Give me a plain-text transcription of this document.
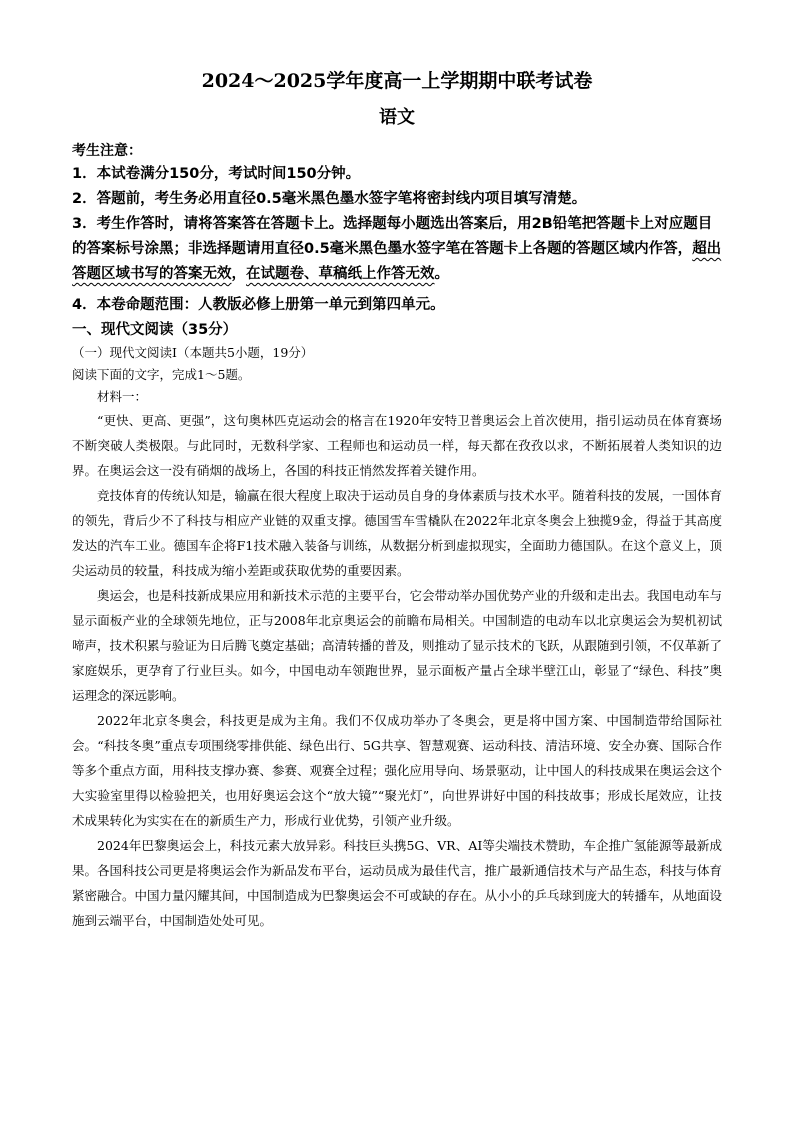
2024～2025学年度高一上学期期中联考试卷
语文

考生注意：

1．本试卷满分150分，考试时间150分钟。

2．答题前，考生务必用直径0.5毫米黑色墨水签字笔将密封线内项目填写清楚。

3．考生作答时，请将答案答在答题卡上。选择题每小题选出答案后，用2B铅笔把答题卡上对应题目的答案标号涂黑；非选择题请用直径0.5毫米黑色墨水签字笔在答题卡上各题的答题区域内作答，超出答题区域书写的答案无效，在试题卷、草稿纸上作答无效。

4．本卷命题范围：人教版必修上册第一单元到第四单元。

一、现代文阅读（35分）

（一）现代文阅读Ⅰ（本题共5小题，19分）

阅读下面的文字，完成1～5题。

材料一：

“更快、更高、更强”，这句奥林匹克运动会的格言在1920年安特卫普奥运会上首次使用，指引运动员在体育赛场不断突破人类极限。与此同时，无数科学家、工程师也和运动员一样，每天都在孜孜以求，不断拓展着人类知识的边界。在奥运会这一没有硝烟的战场上，各国的科技正悄然发挥着关键作用。

竞技体育的传统认知是，输赢在很大程度上取决于运动员自身的身体素质与技术水平。随着科技的发展，一国体育的领先，背后少不了科技与相应产业链的双重支撑。德国雪车雪橇队在2022年北京冬奥会上独揽9金，得益于其高度发达的汽车工业。德国车企将F1技术融入装备与训练，从数据分析到虚拟现实，全面助力德国队。在这个意义上，顶尖运动员的较量，科技成为缩小差距或获取优势的重要因素。

奥运会，也是科技新成果应用和新技术示范的主要平台，它会带动举办国优势产业的升级和走出去。我国电动车与显示面板产业的全球领先地位，正与2008年北京奥运会的前瞻布局相关。中国制造的电动车以北京奥运会为契机初试啼声，技术积累与验证为日后腾飞奠定基础；高清转播的普及，则推动了显示技术的飞跃，从跟随到引领，不仅革新了家庭娱乐，更孕育了行业巨头。如今，中国电动车领跑世界，显示面板产量占全球半壁江山，彰显了“绿色、科技”奥运理念的深远影响。

2022年北京冬奥会，科技更是成为主角。我们不仅成功举办了冬奥会，更是将中国方案、中国制造带给国际社会。“科技冬奥”重点专项围绕零排供能、绿色出行、5G共享、智慧观赛、运动科技、清洁环境、安全办赛、国际合作等多个重点方面，用科技支撑办赛、参赛、观赛全过程；强化应用导向、场景驱动，让中国人的科技成果在奥运会这个大实验室里得以检验把关，也用好奥运会这个“放大镜”“聚光灯”，向世界讲好中国的科技故事；形成长尾效应，让技术成果转化为实实在在的新质生产力，形成行业优势，引领产业升级。

2024年巴黎奥运会上，科技元素大放异彩。科技巨头携5G、VR、AI等尖端技术赞助，车企推广氢能源等最新成果。各国科技公司更是将奥运会作为新品发布平台，运动员成为最佳代言，推广最新通信技术与产品生态，科技与体育紧密融合。中国力量闪耀其间，中国制造成为巴黎奥运会不可或缺的存在。从小小的乒乓球到庞大的转播车，从地面设施到云端平台，中国制造处处可见。
